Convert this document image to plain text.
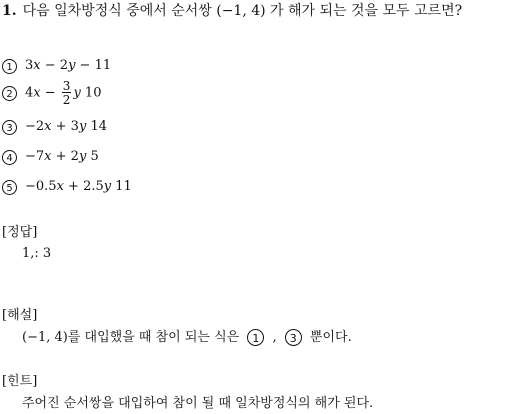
1. 다음 일차방정식 중에서 순서쌍 (−1, 4) 가 해가 되는 것을 모두 고르면?
1 3x − 2y − 11
2 $4x - \frac{3}{2}$ y 10
3 −2x + 3y 14
4 −7x + 2y 5
5 −0.5x + 2.5y 11
[정답]
1,: 3
[해설]
(−1, 4)를 대입했을 때 참이 되는 식은 1 , 3 뿐이다.
[힌트]
주어진 순서쌍을 대입하여 참이 될 때 일차방정식의 해가 된다.
